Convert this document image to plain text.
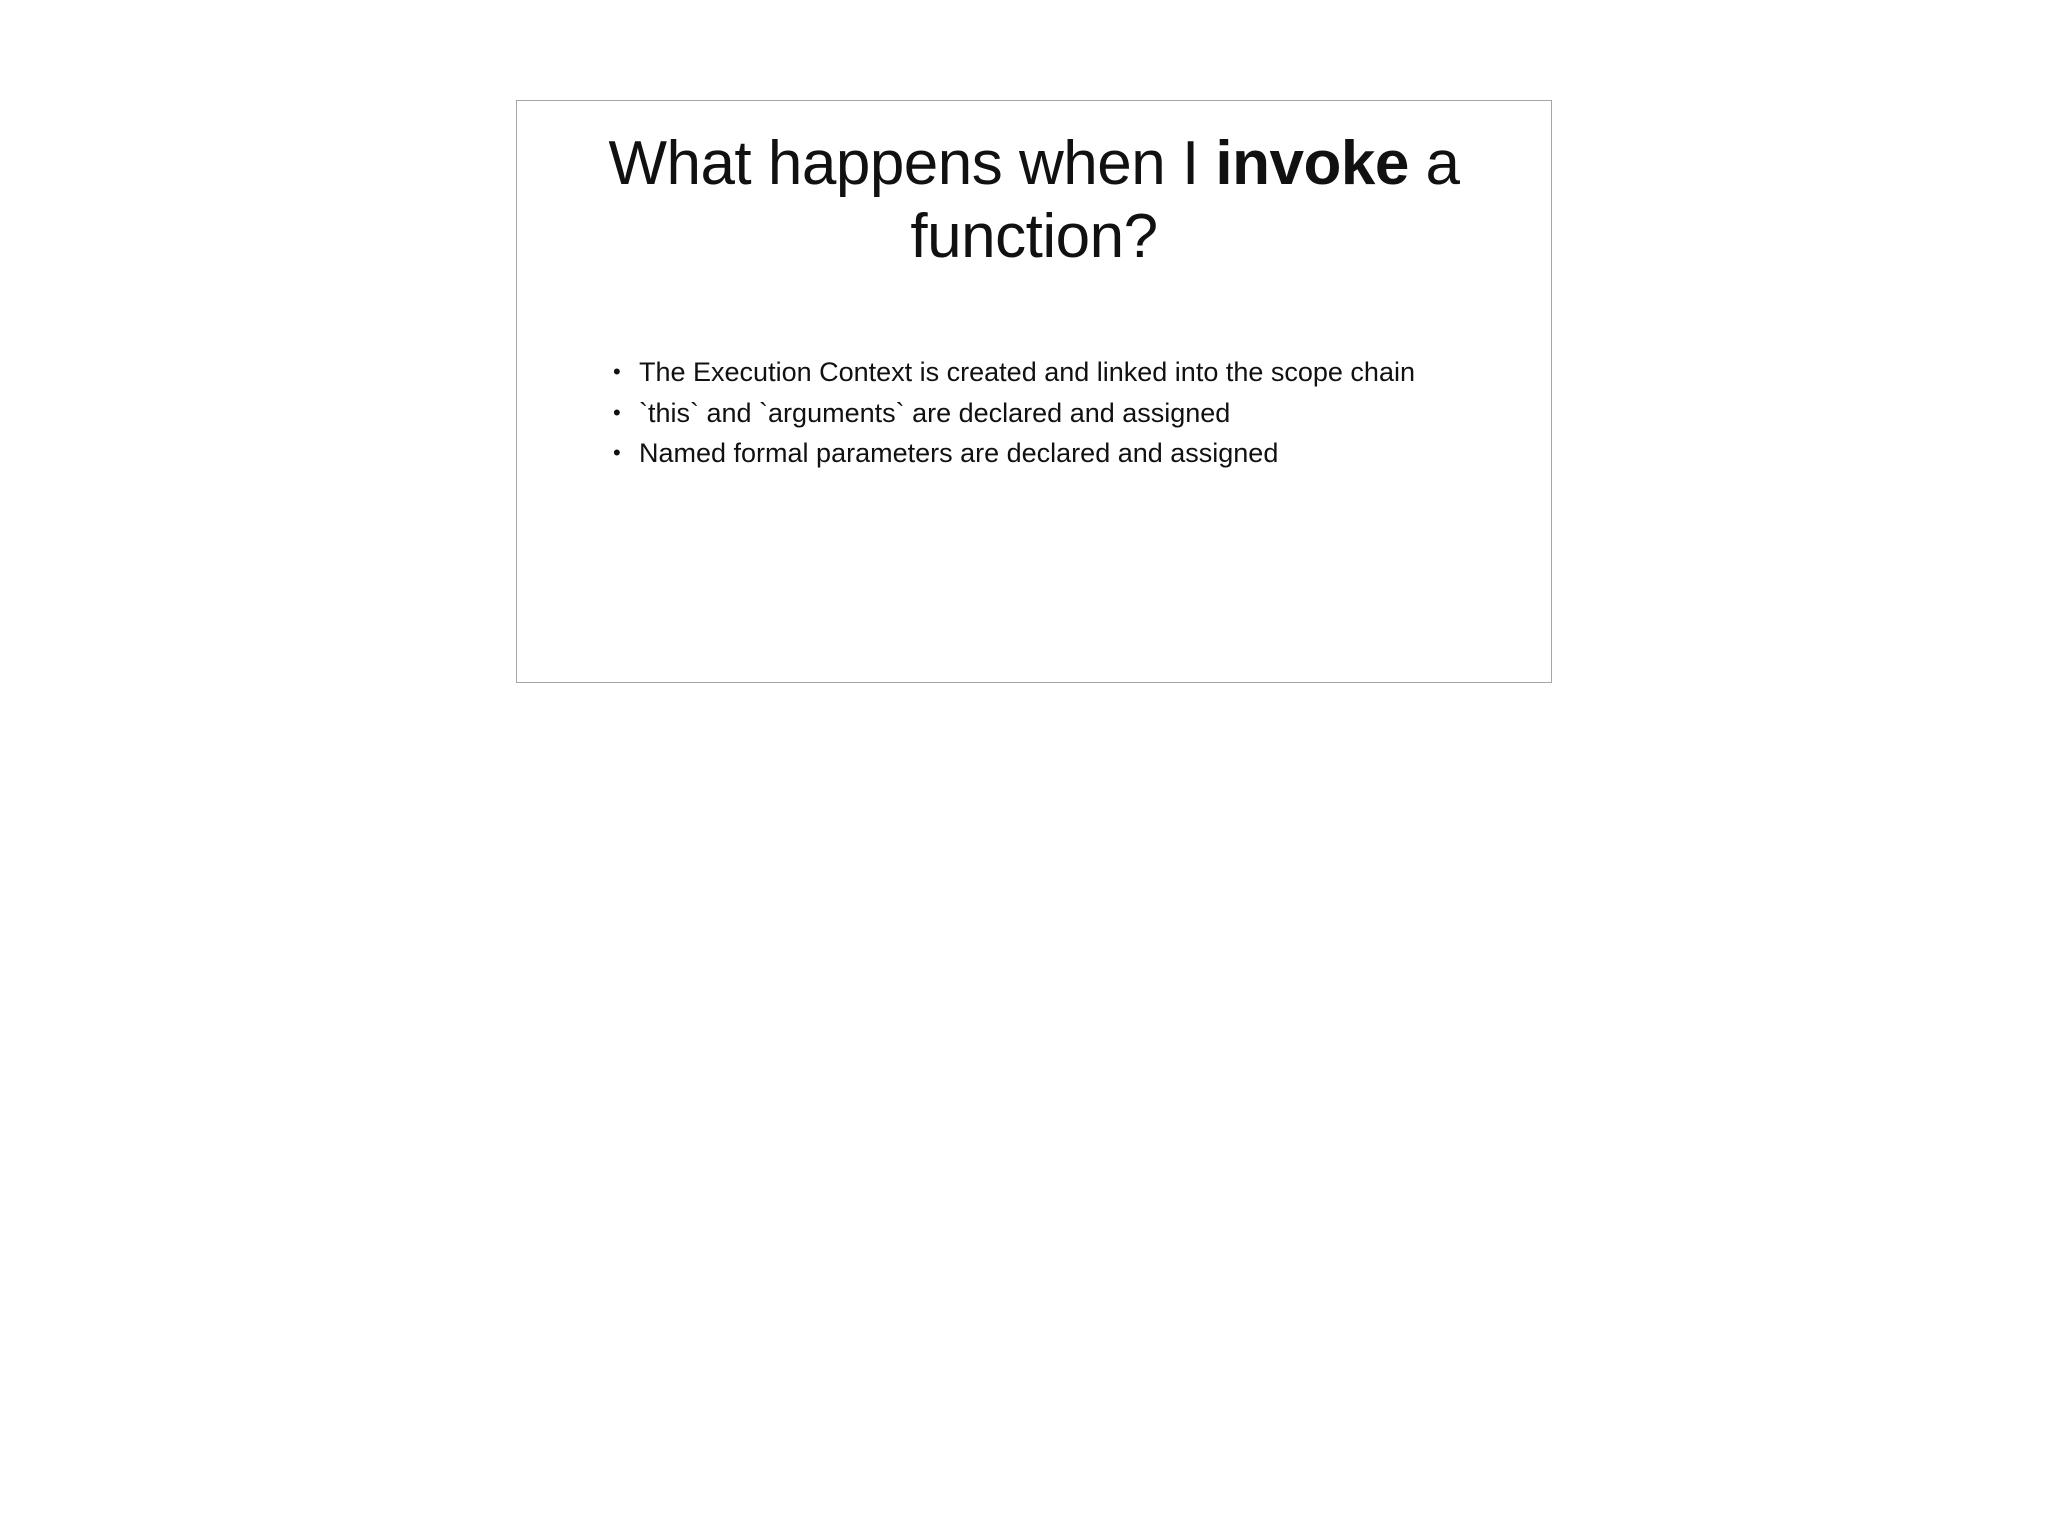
What happens when I invoke a function?
• The Execution Context is created and linked into the scope chain
• `this` and `arguments` are declared and assigned
• Named formal parameters are declared and assigned
